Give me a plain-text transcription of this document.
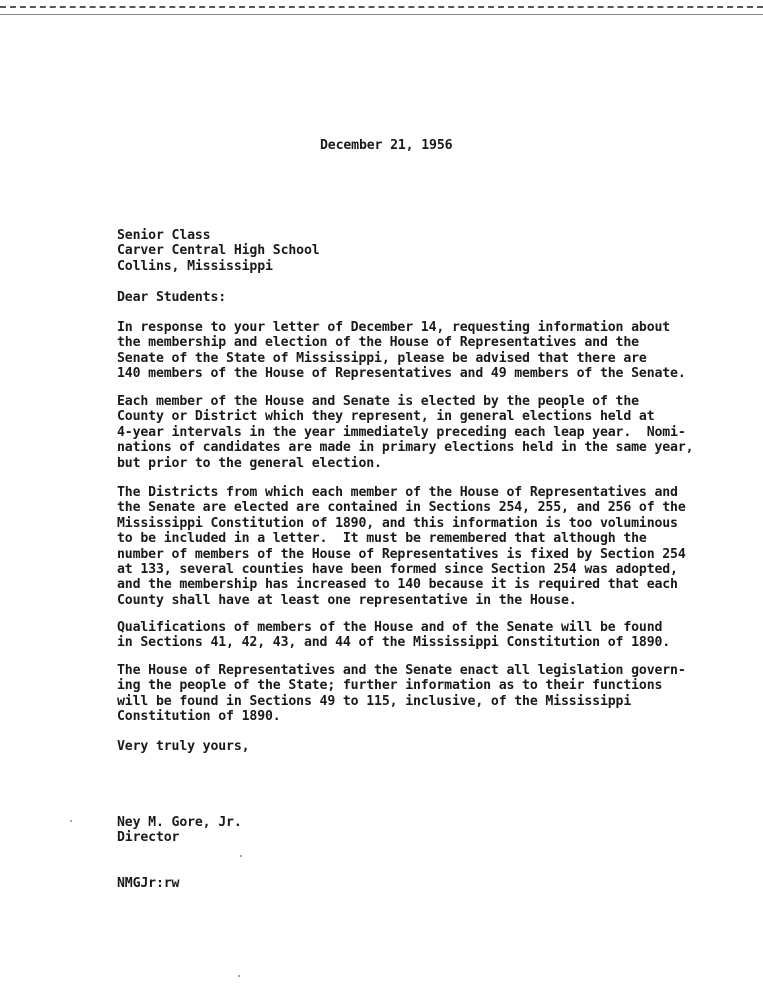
December 21, 1956

Senior Class
Carver Central High School
Collins, Mississippi

Dear Students:

In response to your letter of December 14, requesting information about
the membership and election of the House of Representatives and the
Senate of the State of Mississippi, please be advised that there are
140 members of the House of Representatives and 49 members of the Senate.
Each member of the House and Senate is elected by the people of the
County or District which they represent, in general elections held at
4-year intervals in the year immediately preceding each leap year.  Nomi-
nations of candidates are made in primary elections held in the same year,
but prior to the general election.
The Districts from which each member of the House of Representatives and
the Senate are elected are contained in Sections 254, 255, and 256 of the
Mississippi Constitution of 1890, and this information is too voluminous
to be included in a letter.  It must be remembered that although the
number of members of the House of Representatives is fixed by Section 254
at 133, several counties have been formed since Section 254 was adopted,
and the membership has increased to 140 because it is required that each
County shall have at least one representative in the House.
Qualifications of members of the House and of the Senate will be found
in Sections 41, 42, 43, and 44 of the Mississippi Constitution of 1890.
The House of Representatives and the Senate enact all legislation govern-
ing the people of the State; further information as to their functions
will be found in Sections 49 to 115, inclusive, of the Mississippi
Constitution of 1890.

Very truly yours,

Ney M. Gore, Jr.
Director

NMGJr:rw
